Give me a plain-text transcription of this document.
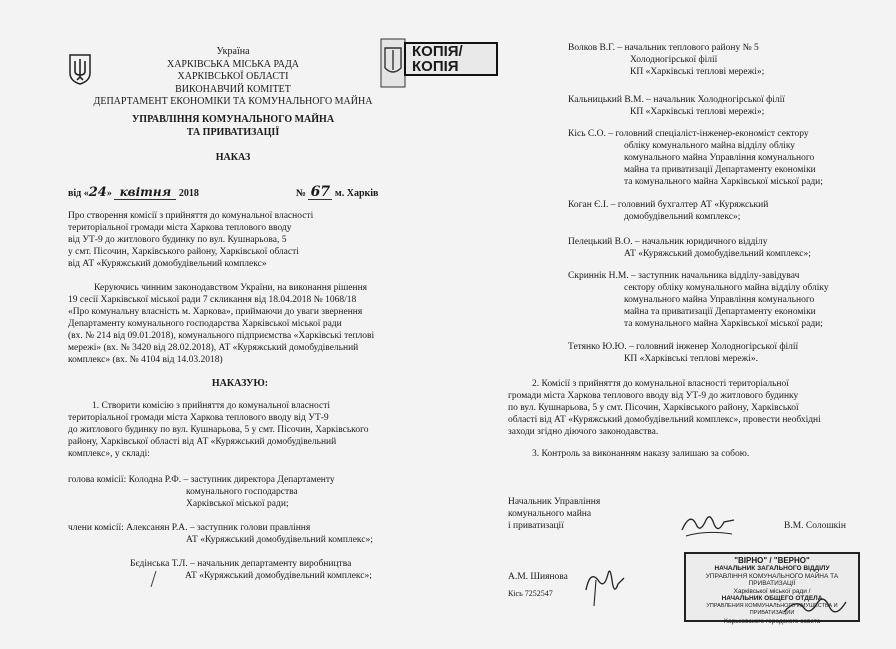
Україна
ХАРКІВСЬКА МІСЬКА РАДА
ХАРКІВСЬКОЇ ОБЛАСТІ
ВИКОНАВЧИЙ КОМІТЕТ
ДЕПАРТАМЕНТ ЕКОНОМІКИ ТА КОМУНАЛЬНОГО МАЙНА
КОПІЯ/ КОПІЯ
УПРАВЛІННЯ КОМУНАЛЬНОГО МАЙНА
ТА ПРИВАТИЗАЦІЇ
НАКАЗ
від «24» квітня 2018	№ 67 м. Харків
Про створення комісії з прийняття до комунальної власності
територіальної громади міста Харкова теплового вводу
від УТ-9 до житлового будинку по вул. Кушнарьова, 5
у смт. Пісочин, Харківського району, Харківської області
від АТ «Куряжський домобудівельний комплекс»
Керуючись чинним законодавством України, на виконання рішення
19 сесії Харківської міської ради 7 скликання від 18.04.2018 № 1068/18
«Про комунальну власність м. Харкова», приймаючи до уваги звернення
Департаменту комунального господарства Харківської міської ради
(вх. № 214 від 09.01.2018), комунального підприємства «Харківські теплові
мережі» (вх. № 3420 від 28.02.2018), АТ «Куряжський домобудівельний
комплекс» (вх. № 4104 від 14.03.2018)
НАКАЗУЮ:
1. Створити комісію з прийняття до комунальної власності
територіальної громади міста Харкова теплового вводу від УТ-9
до житлового будинку по вул. Кушнарьова, 5 у смт. Пісочин, Харківського
району, Харківської області від АТ «Куряжський домобудівельний
комплекс», у складі:
голова комісії: Колодна Р.Ф. – заступник директора Департаменту
комунального господарства
Харківської міської ради;
члени комісії: Алексанян Р.А. – заступник голови правління
АТ «Куряжський домобудівельний комплекс»;
Бєдінська Т.Л. – начальник департаменту виробництва
АТ «Куряжський домобудівельний комплекс»;
Волков В.Г. – начальник теплового району № 5
Холодногірської філії
КП «Харківські теплові мережі»;
Кальницький В.М. – начальник Холодногірської філії
КП «Харківські теплові мережі»;
Кісь С.О. – головний спеціаліст-інженер-економіст сектору
обліку комунального майна відділу обліку
комунального майна Управління комунального
майна та приватизації Департаменту економіки
та комунального майна Харківської міської ради;
Коган Є.І. – головний бухгалтер АТ «Куряжський
домобудівельний комплекс»;
Пелецький В.О. – начальник юридичного відділу
АТ «Куряжський домобудівельний комплекс»;
Скриннік Н.М. – заступник начальника відділу-завідувач
сектору обліку комунального майна відділу обліку
комунального майна Управління комунального
майна та приватизації Департаменту економіки
та комунального майна Харківської міської ради;
Тетянко Ю.Ю. – головний інженер Холодногірської філії
КП «Харківські теплові мережі».
2. Комісії з прийняття до комунальної власності територіальної
громади міста Харкова теплового вводу від УТ-9 до житлового будинку
по вул. Кушнарьова, 5 у смт. Пісочин, Харківського району, Харківської
області від АТ «Куряжський домобудівельний комплекс», провести необхідні
заходи згідно діючого законодавства.
3. Контроль за виконанням наказу залишаю за собою.
Начальник Управління
комунального майна
і приватизації	В.М. Солошкін
А.М. Шиянова
Кісь 7252547
"ВІРНО" / "ВЕРНО"
НАЧАЛЬНИК ЗАГАЛЬНОГО ВІДДІЛУ
УПРАВЛІННЯ КОМУНАЛЬНОГО МАЙНА ТА ПРИВАТИЗАЦІЇ
Харківської міської ради /
НАЧАЛЬНИК ОБЩЕГО ОТДЕЛА
УПРАВЛЕНИЯ КОММУНАЛЬНОГО ИМУЩЕСТВА И ПРИВАТИЗАЦИИ
Харьковского городского совета
